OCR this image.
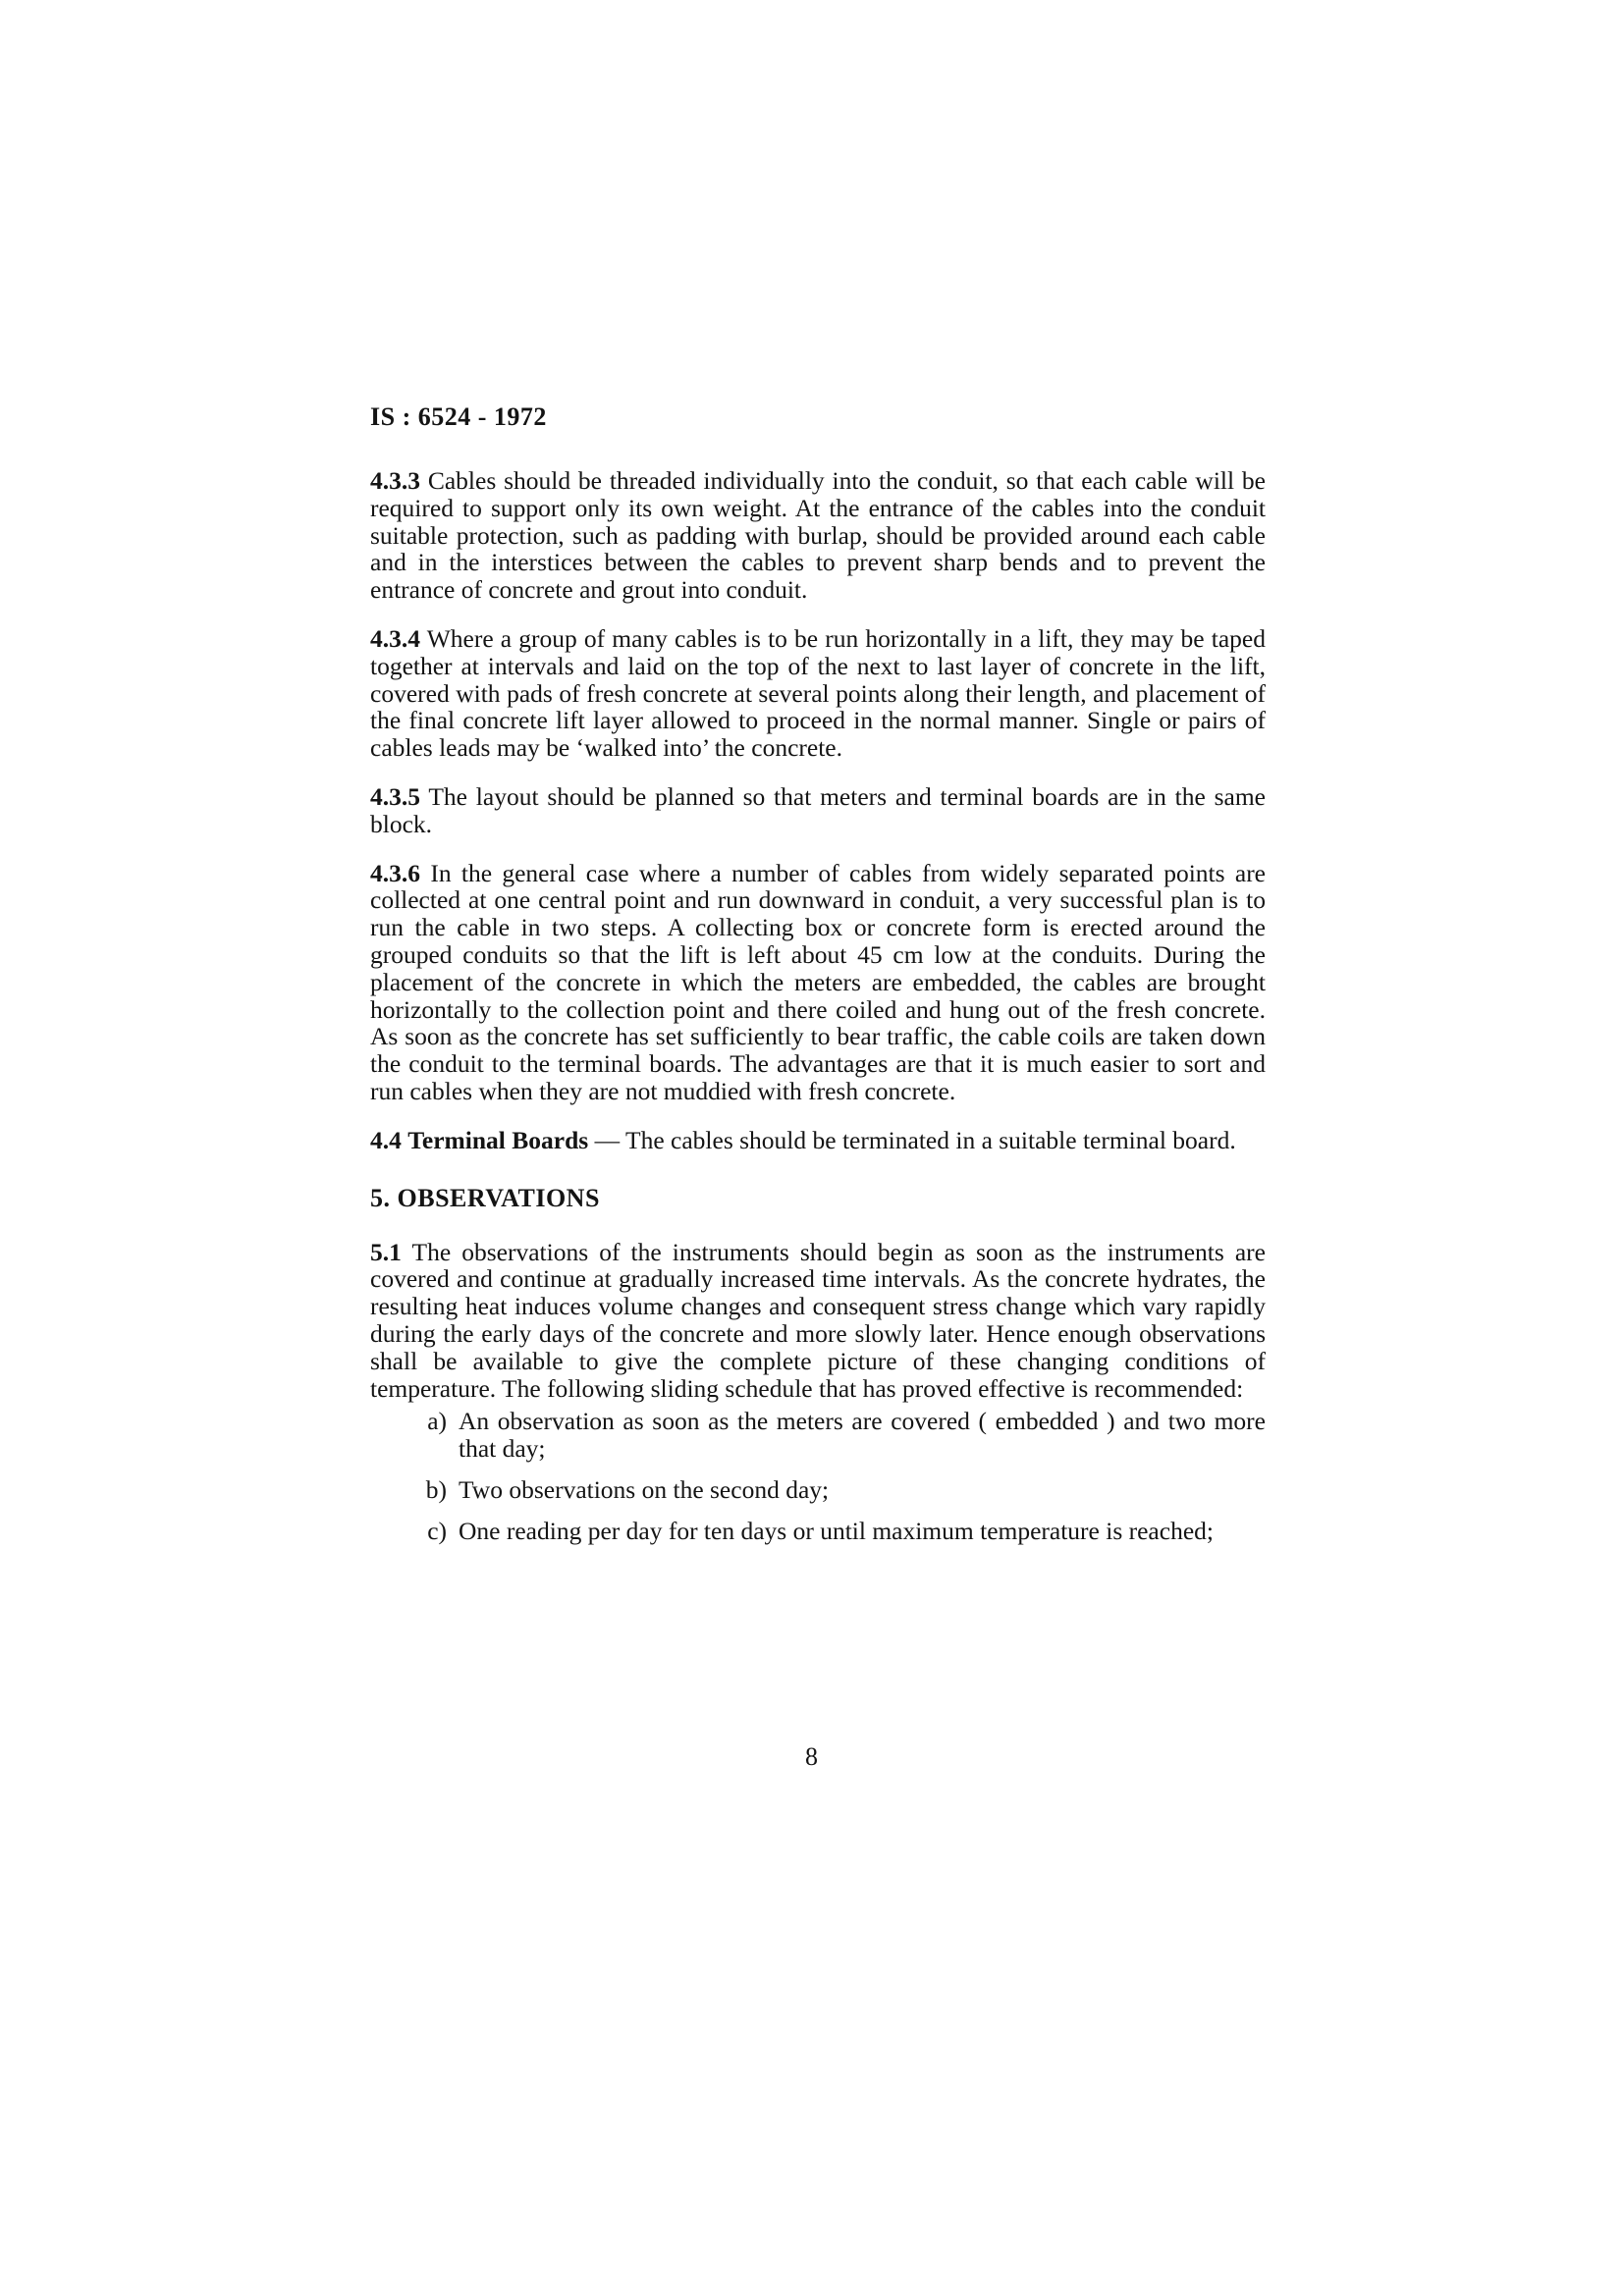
IS : 6524 - 1972

4.3.3 Cables should be threaded individually into the conduit, so that each cable will be required to support only its own weight. At the entrance of the cables into the conduit suitable protection, such as padding with burlap, should be provided around each cable and in the interstices between the cables to prevent sharp bends and to prevent the entrance of concrete and grout into conduit.

4.3.4 Where a group of many cables is to be run horizontally in a lift, they may be taped together at intervals and laid on the top of the next to last layer of concrete in the lift, covered with pads of fresh concrete at several points along their length, and placement of the final concrete lift layer allowed to proceed in the normal manner. Single or pairs of cables leads may be ‘walked into’ the concrete.

4.3.5 The layout should be planned so that meters and terminal boards are in the same block.

4.3.6 In the general case where a number of cables from widely separated points are collected at one central point and run downward in conduit, a very successful plan is to run the cable in two steps. A collecting box or concrete form is erected around the grouped conduits so that the lift is left about 45 cm low at the conduits. During the placement of the concrete in which the meters are embedded, the cables are brought horizontally to the collection point and there coiled and hung out of the fresh concrete. As soon as the concrete has set sufficiently to bear traffic, the cable coils are taken down the conduit to the terminal boards. The advantages are that it is much easier to sort and run cables when they are not muddied with fresh concrete.

4.4 Terminal Boards — The cables should be terminated in a suitable terminal board.

5. OBSERVATIONS

5.1 The observations of the instruments should begin as soon as the instruments are covered and continue at gradually increased time intervals. As the concrete hydrates, the resulting heat induces volume changes and consequent stress change which vary rapidly during the early days of the concrete and more slowly later. Hence enough observations shall be available to give the complete picture of these changing conditions of temperature. The following sliding schedule that has proved effective is recommended:

a) An observation as soon as the meters are covered ( embedded ) and two more that day;
b) Two observations on the second day;
c) One reading per day for ten days or until maximum temperature is reached;
8
